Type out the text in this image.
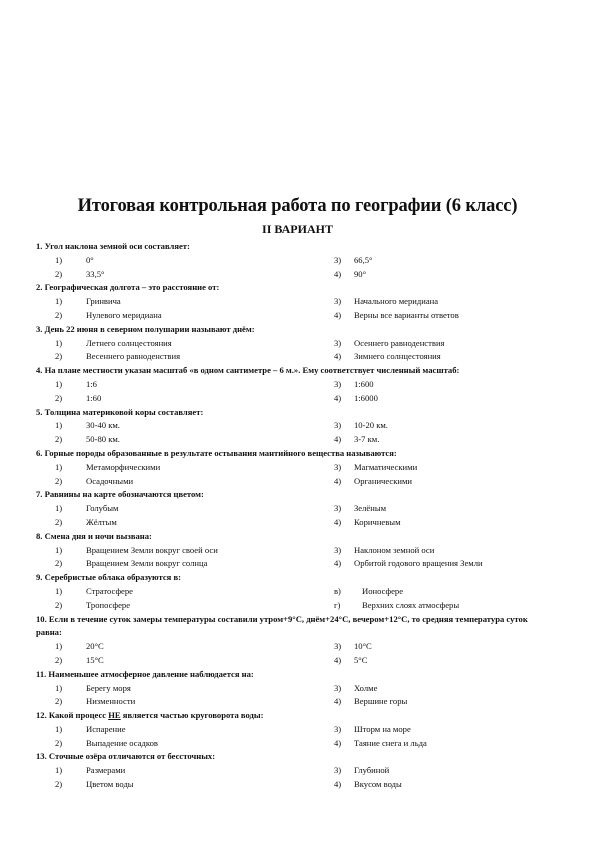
Итоговая контрольная работа по географии (6 класс)
II ВАРИАНТ
1. Угол наклона земной оси составляет:
1)	0°	3)	66,5°
2)	33,5°	4)	90°
2. Географическая долгота – это расстояние от:
1)	Гринвича	3)	Начального меридиана
2)	Нулевого меридиана	4)	Верны все варианты ответов
3. День 22 июня в северном полушарии называют днём:
1)	Летнего солнцестояния	3)	Осеннего равноденствия
2)	Весеннего равноденствия	4)	Зимнего солнцестояния
4. На плане местности указан масштаб «в одном сантиметре – 6 м.». Ему соответствует численный масштаб:
1)	1:6	3)	1:600
2)	1:60	4)	1:6000
5. Толщина материковой коры составляет:
1)	30-40 км.	3)	10-20 км.
2)	50-80 км.	4)	3-7 км.
6. Горные породы образованные в результате остывания мантийного вещества называются:
1)	Метаморфическими	3)	Магматическими
2)	Осадочными	4)	Органическими
7. Равнины на карте обозначаются цветом:
1)	Голубым	3)	Зелёным
2)	Жёлтым	4)	Коричневым
8. Смена дня и ночи вызвана:
1)	Вращением Земли вокруг своей оси	3)	Наклоном земной оси
2)	Вращением Земли вокруг солнца	4)	Орбитой годового вращения Земли
9. Серебристые облака образуются в:
1)	Стратосфере	в)	Ионосфере
2)	Тропосфере	г)	Верхних слоях атмосферы
10. Если в течение суток замеры температуры составили утром+9°С, днём+24°С, вечером+12°С, то средняя температура суток равна:
1)	20°С	3)	10°С
2)	15°С	4)	5°С
11. Наименьшее атмосферное давление наблюдается на:
1)	Берегу моря	3)	Холме
2)	Низменности	4)	Вершине горы
12. Какой процесс НЕ является частью круговорота воды:
1)	Испарение	3)	Шторм на море
2)	Выпадение осадков	4)	Таяние снега и льда
13. Сточные озёра отличаются от бессточных:
1)	Размерами	3)	Глубиной
2)	Цветом воды	4)	Вкусом воды
